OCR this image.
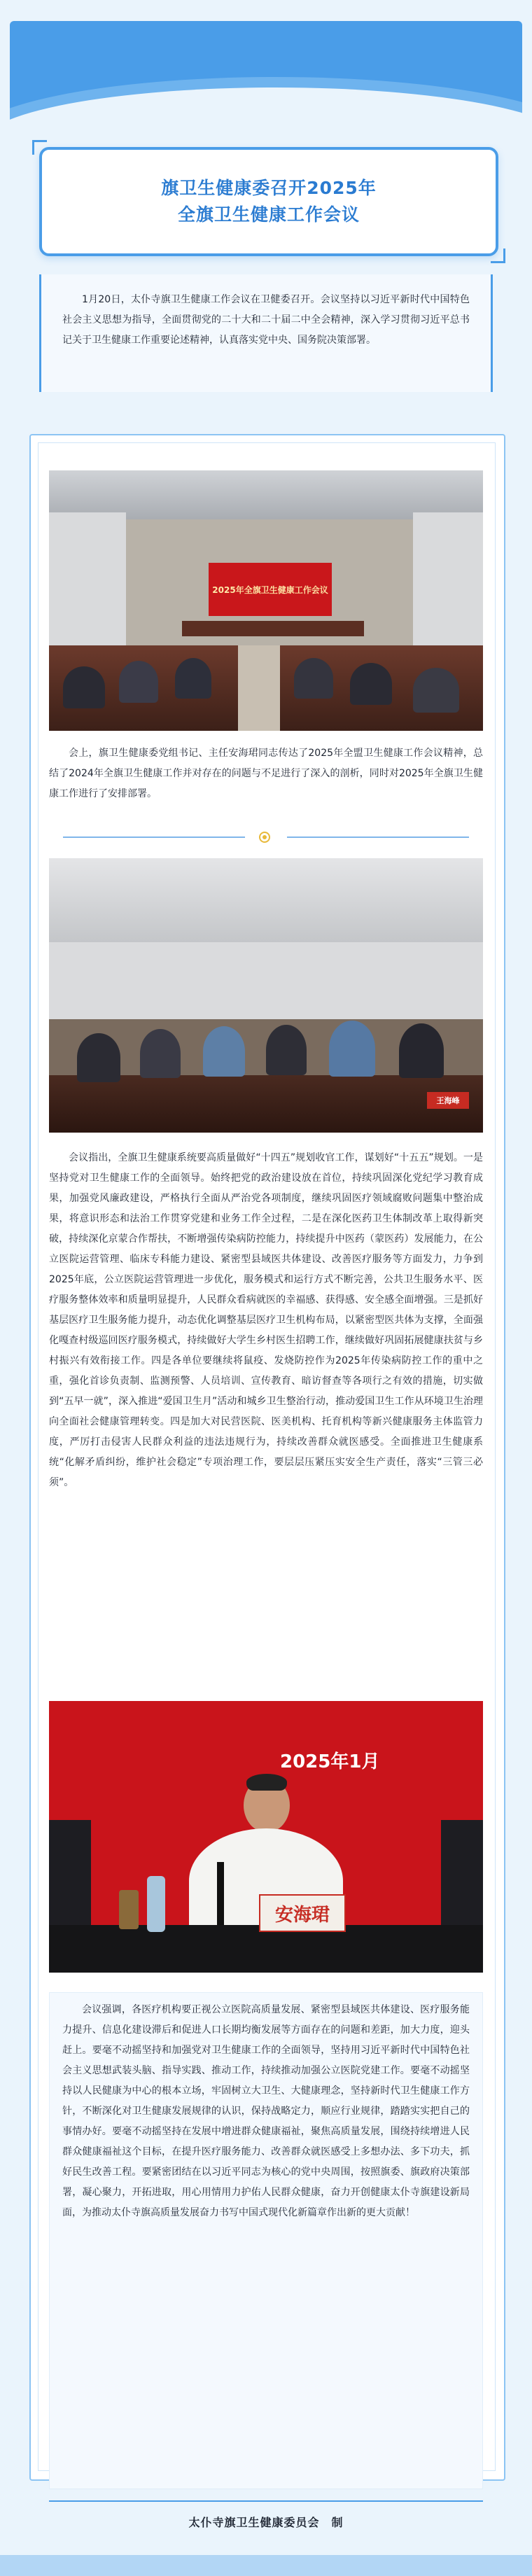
旗卫生健康委召开2025年
全旗卫生健康工作会议
1月20日，太仆寺旗卫生健康工作会议在卫健委召开。会议坚持以习近平新时代中国特色社会主义思想为指导，全面贯彻党的二十大和二十届二中全会精神，深入学习贯彻习近平总书记关于卫生健康工作重要论述精神，认真落实党中央、国务院决策部署。
2025年全旗卫生健康工作会议
会上，旗卫生健康委党组书记、主任安海珺同志传达了2025年全盟卫生健康工作会议精神，总结了2024年全旗卫生健康工作并对存在的问题与不足进行了深入的剖析，同时对2025年全旗卫生健康工作进行了安排部署。
王海峰
会议指出，全旗卫生健康系统要高质量做好“十四五”规划收官工作，谋划好“十五五”规划。一是坚持党对卫生健康工作的全面领导。始终把党的政治建设放在首位，持续巩固深化党纪学习教育成果，加强党风廉政建设，严格执行全面从严治党各项制度，继续巩固医疗领域腐败问题集中整治成果，将意识形态和法治工作贯穿党建和业务工作全过程，二是在深化医药卫生体制改革上取得新突破，持续深化京蒙合作帮扶，不断增强传染病防控能力，持续提升中医药（蒙医药）发展能力，在公立医院运营管理、临床专科能力建设、紧密型县域医共体建设、改善医疗服务等方面发力，力争到2025年底，公立医院运营管理进一步优化，服务模式和运行方式不断完善，公共卫生服务水平、医疗服务整体效率和质量明显提升，人民群众看病就医的幸福感、获得感、安全感全面增强。三是抓好基层医疗卫生服务能力提升，动态优化调整基层医疗卫生机构布局，以紧密型医共体为支撑，全面强化嘎查村级巡回医疗服务模式，持续做好大学生乡村医生招聘工作，继续做好巩固拓展健康扶贫与乡村振兴有效衔接工作。四是各单位要继续将鼠疫、发烧防控作为2025年传染病防控工作的重中之重，强化首诊负责制、监测预警、人员培训、宣传教育、暗访督查等各项行之有效的措施，切实做到“五早一就”，深入推进“爱国卫生月”活动和城乡卫生整治行动，推动爱国卫生工作从环境卫生治理向全面社会健康管理转变。四是加大对民营医院、医美机构、托育机构等新兴健康服务主体监管力度，严厉打击侵害人民群众利益的违法违规行为，持续改善群众就医感受。全面推进卫生健康系统“化解矛盾纠纷，维护社会稳定”专项治理工作，要层层压紧压实安全生产责任，落实“三管三必须”。
2025年1月
安海珺
会议强调，各医疗机构要正视公立医院高质量发展、紧密型县域医共体建设、医疗服务能力提升、信息化建设滞后和促进人口长期均衡发展等方面存在的问题和差距，加大力度，迎头赶上。要毫不动摇坚持和加强党对卫生健康工作的全面领导，坚持用习近平新时代中国特色社会主义思想武装头脑、指导实践、推动工作，持续推动加强公立医院党建工作。要毫不动摇坚持以人民健康为中心的根本立场，牢固树立大卫生、大健康理念，坚持新时代卫生健康工作方针，不断深化对卫生健康发展规律的认识，保持战略定力，顺应行业规律，踏踏实实把自己的事情办好。要毫不动摇坚持在发展中增进群众健康福祉，聚焦高质量发展，围绕持续增进人民群众健康福祉这个目标，在提升医疗服务能力、改善群众就医感受上多想办法、多下功夫，抓好民生改善工程。要紧密团结在以习近平同志为核心的党中央周围，按照旗委、旗政府决策部署，凝心聚力，开拓进取，用心用情用力护佑人民群众健康，奋力开创健康太仆寺旗建设新局面，为推动太仆寺旗高质量发展奋力书写中国式现代化新篇章作出新的更大贡献！
太仆寺旗卫生健康委员会　制
